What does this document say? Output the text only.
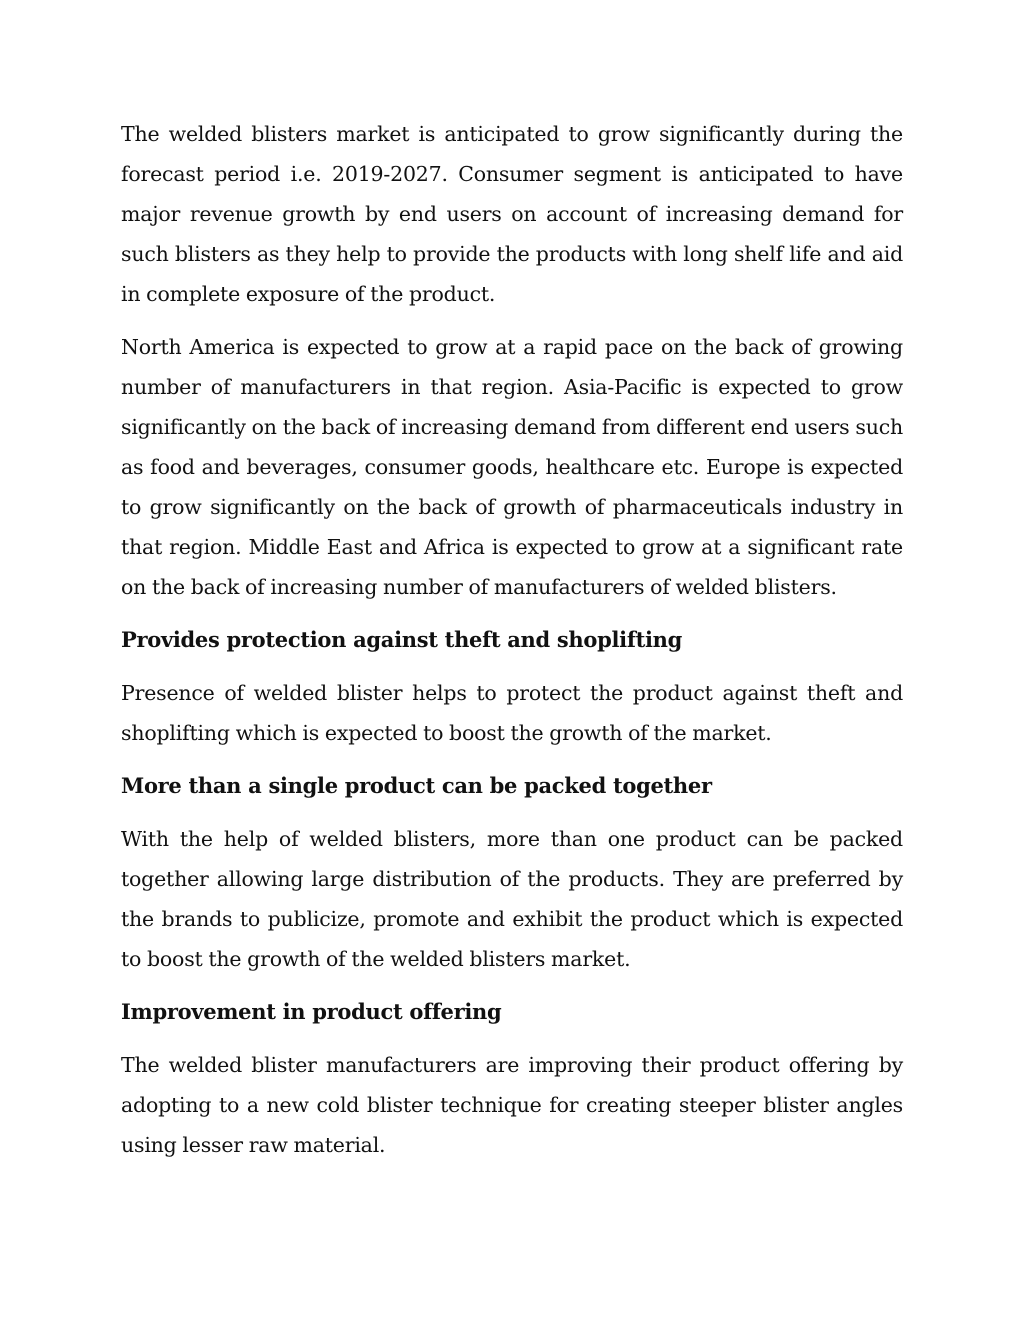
The welded blisters market is anticipated to grow significantly during the forecast period i.e. 2019-2027. Consumer segment is anticipated to have major revenue growth by end users on account of increasing demand for such blisters as they help to provide the products with long shelf life and aid in complete exposure of the product.

North America is expected to grow at a rapid pace on the back of growing number of manufacturers in that region. Asia-Pacific is expected to grow significantly on the back of increasing demand from different end users such as food and beverages, consumer goods, healthcare etc. Europe is expected to grow significantly on the back of growth of pharmaceuticals industry in that region. Middle East and Africa is expected to grow at a significant rate on the back of increasing number of manufacturers of welded blisters.

Provides protection against theft and shoplifting

Presence of welded blister helps to protect the product against theft and shoplifting which is expected to boost the growth of the market.

More than a single product can be packed together

With the help of welded blisters, more than one product can be packed together allowing large distribution of the products. They are preferred by the brands to publicize, promote and exhibit the product which is expected to boost the growth of the welded blisters market.

Improvement in product offering

The welded blister manufacturers are improving their product offering by adopting to a new cold blister technique for creating steeper blister angles using lesser raw material.
